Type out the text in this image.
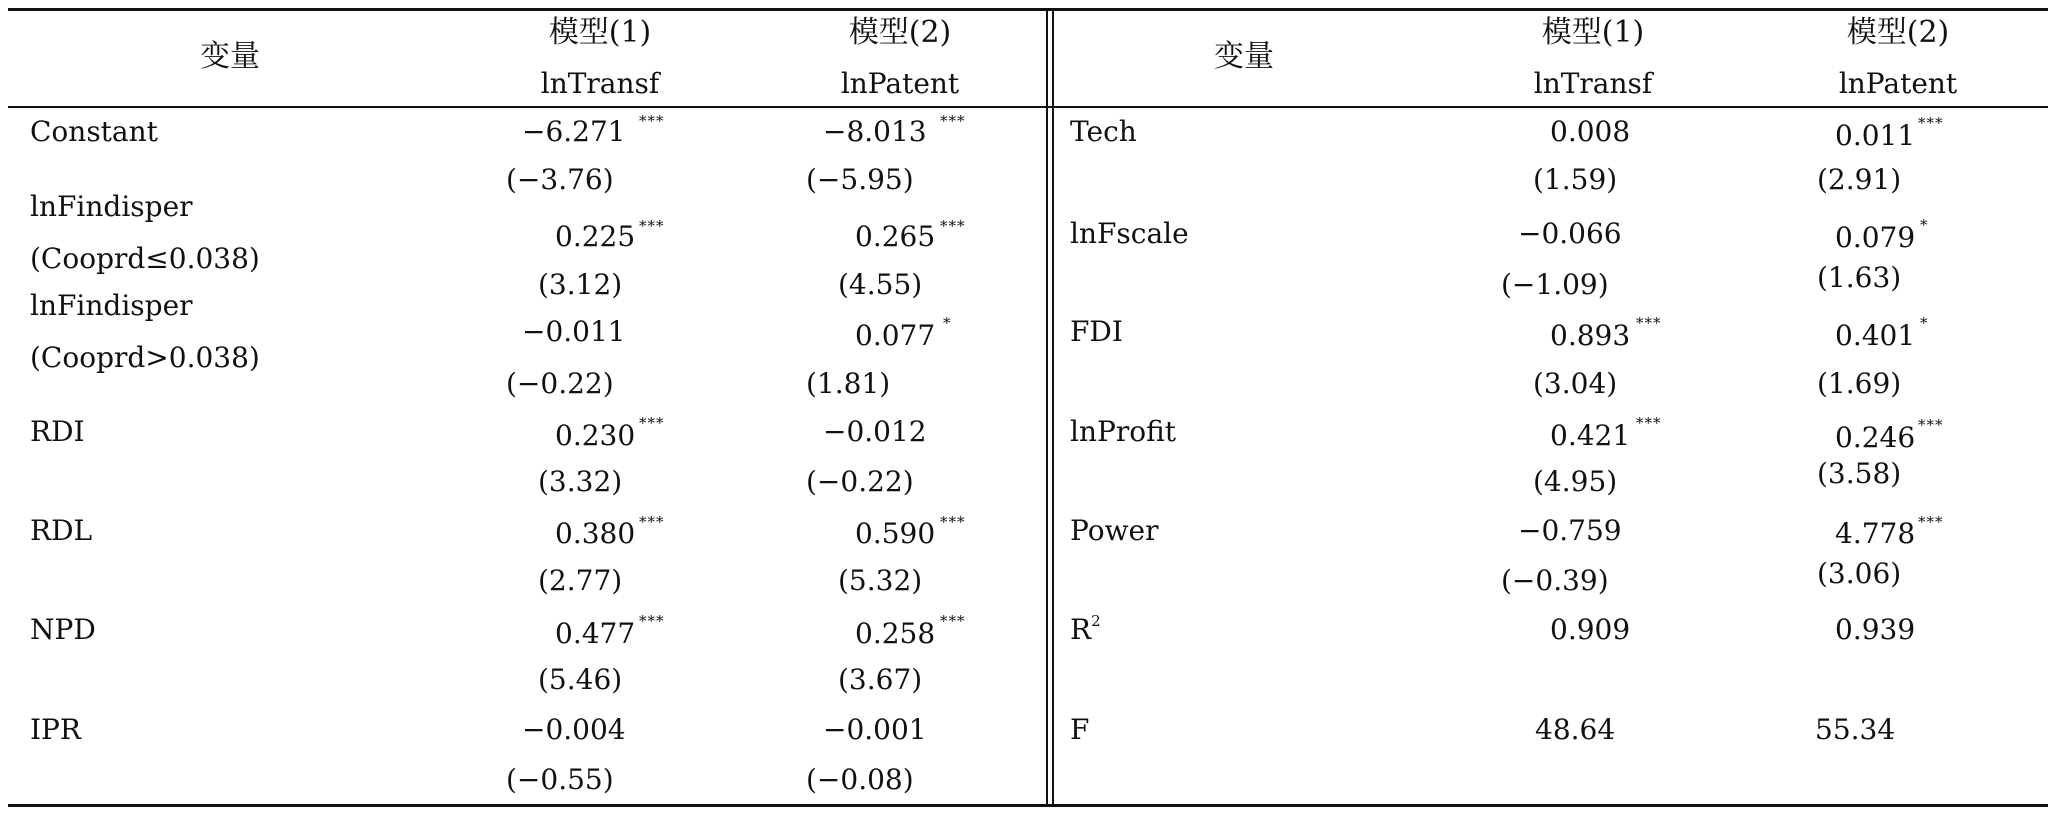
变量
模型(1)	模型(2)
lnTransf	lnPatent
变量
模型(1)	模型(2)
lnTransf	lnPatent
Constant	−6.271 ***	−8.013 ***
(−3.76)	(−5.95)
lnFindisper
(Cooprd≤0.038)
0.225 ***	0.265 ***
(3.12)	(4.55)
lnFindisper
(Cooprd>0.038)
−0.011	0.077 *
(−0.22)	(1.81)
RDI	0.230 ***	−0.012
(3.32)	(−0.22)
RDL	0.380 ***	0.590 ***
(2.77)	(5.32)
NPD	0.477 ***	0.258 ***
(5.46)	(3.67)
IPR	−0.004	−0.001
(−0.55)	(−0.08)
Tech	0.008	0.011 ***
(1.59)	(2.91)
lnFscale	−0.066	0.079 *
(−1.09)	(1.63)
FDI	0.893 ***	0.401 *
(3.04)	(1.69)
lnProfit	0.421 ***	0.246 ***
(4.95)	(3.58)
Power	−0.759	4.778 ***
(−0.39)	(3.06)
$R^2$	0.909	0.939
F	48.64	55.34
